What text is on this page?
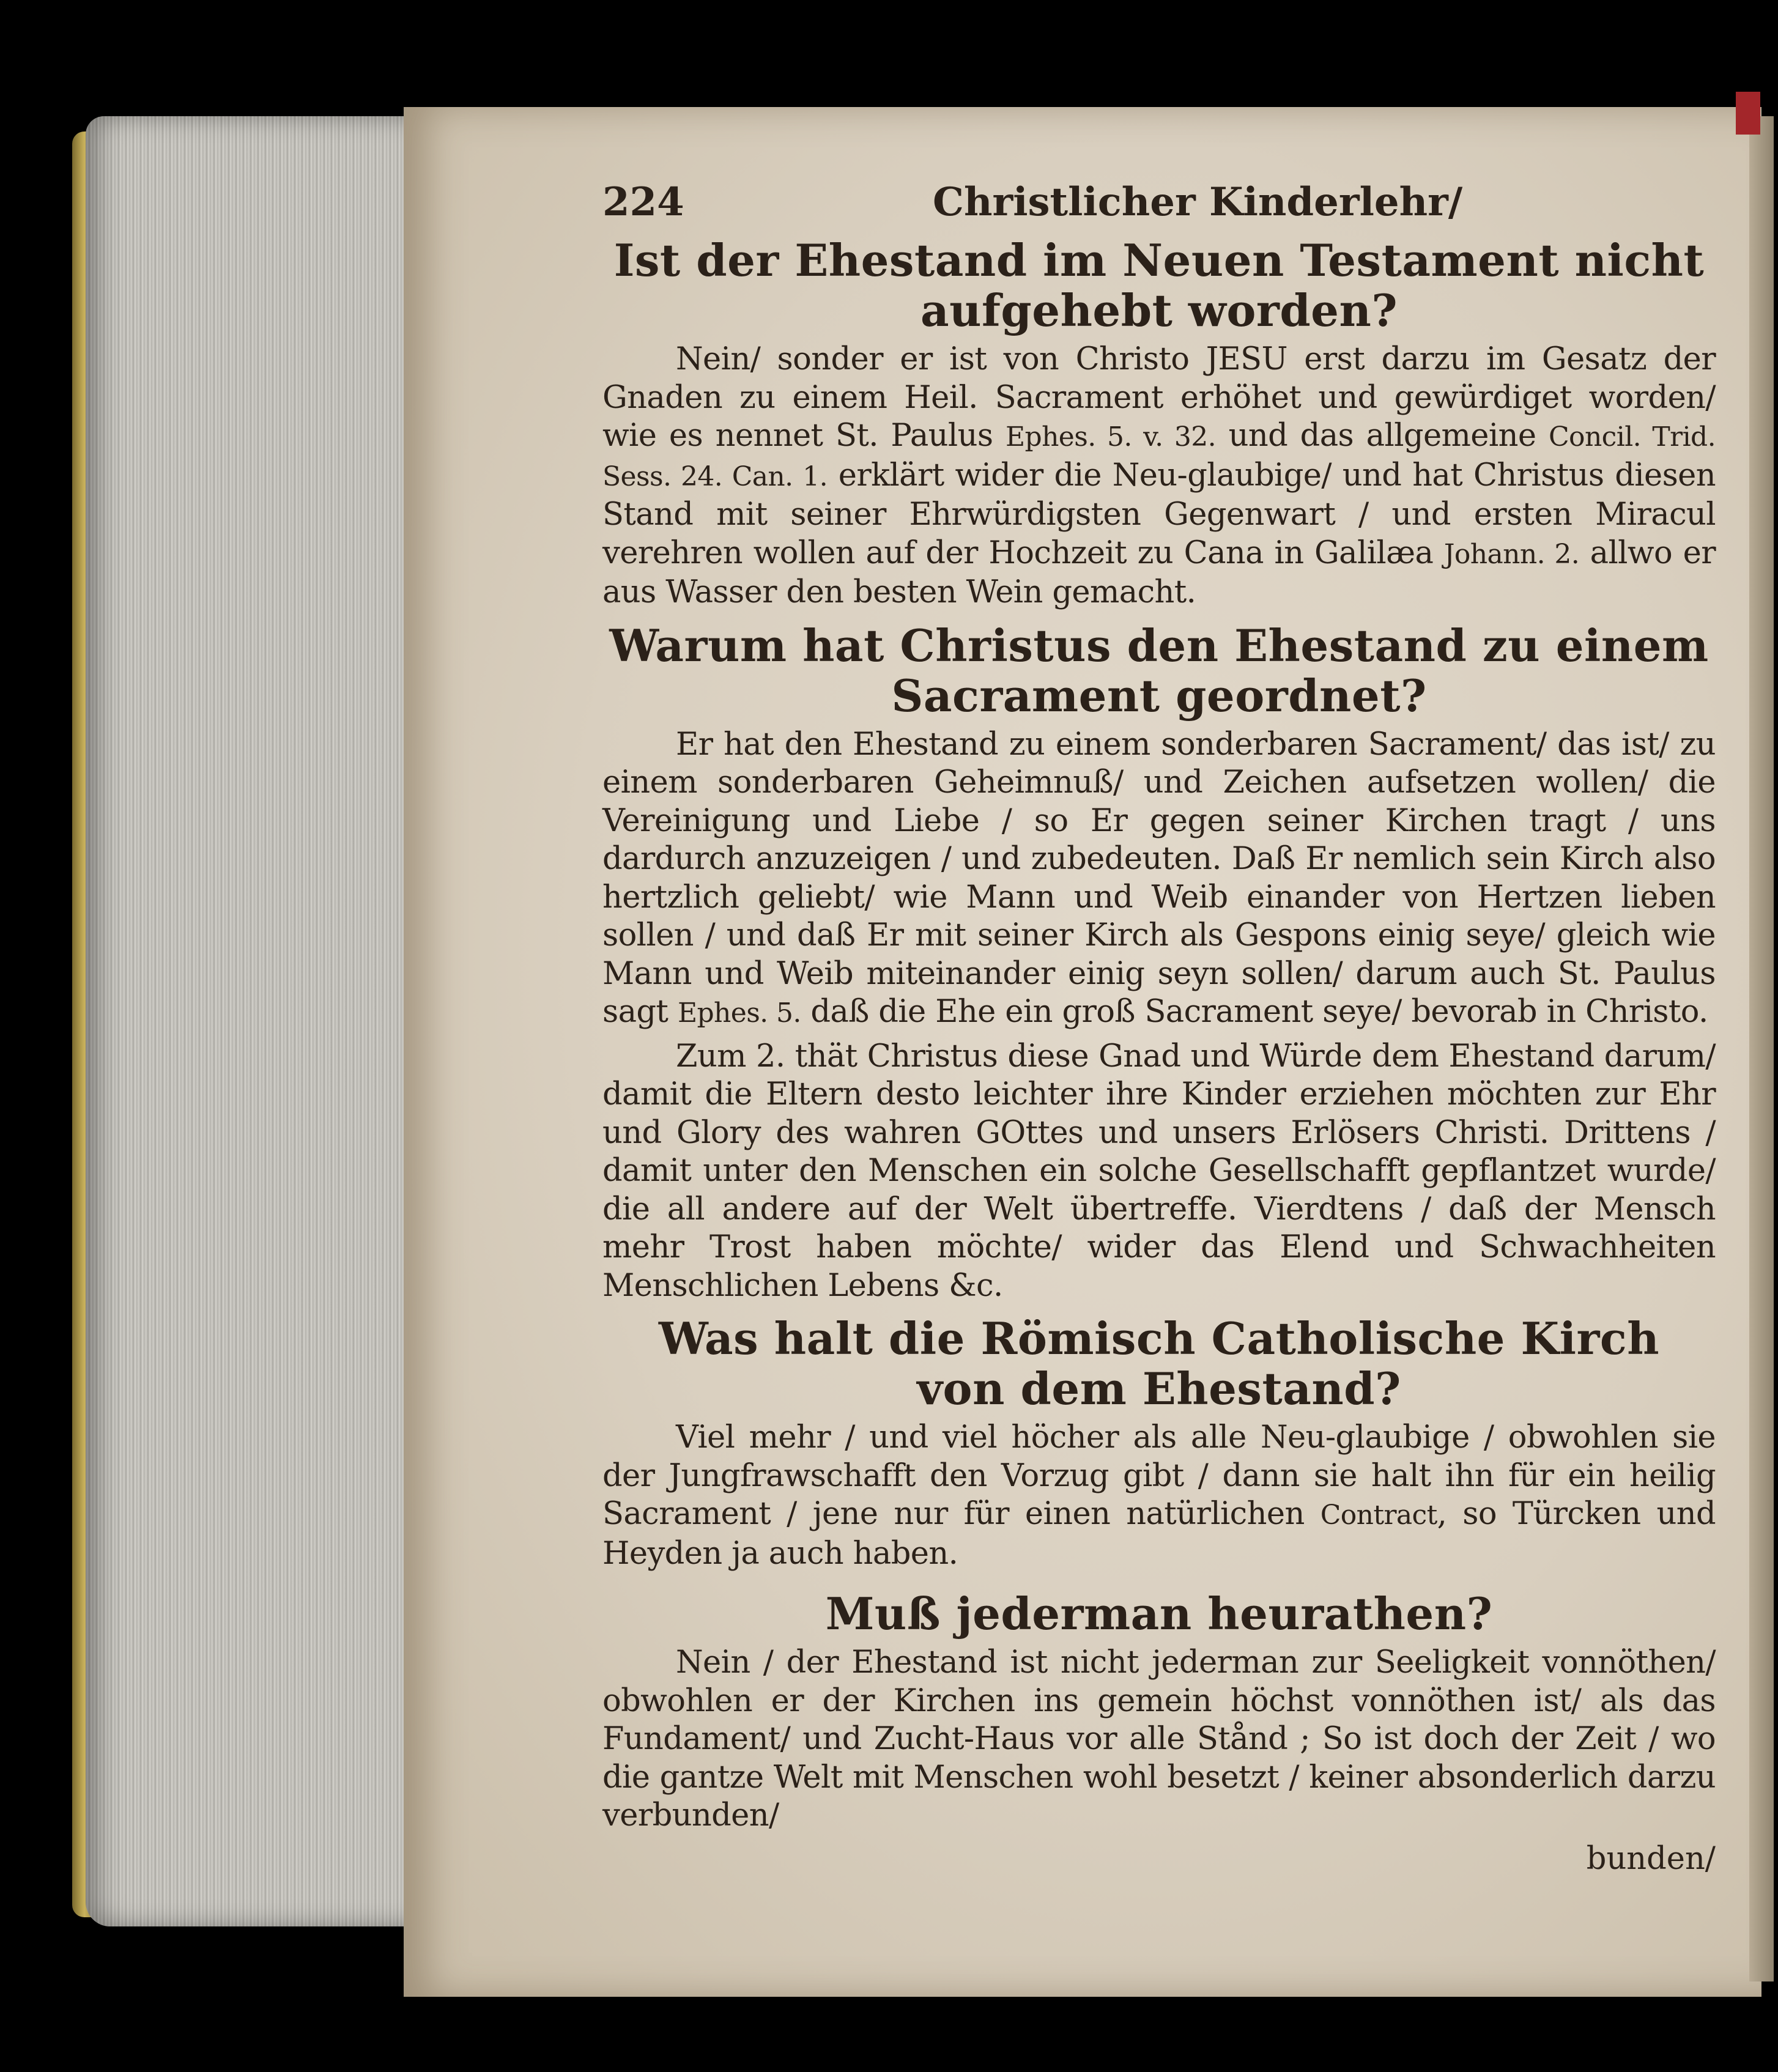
224	Christlicher Kinderlehr/
Ist der Ehestand im Neuen Testament nicht aufgehebt worden?
Nein/ sonder er ist von Christo JESU erst darzu im Gesatz der Gnaden zu einem Heil. Sacrament erhöhet und gewürdiget worden/ wie es nennet St. Paulus Ephes. 5. v. 32. und das allgemeine Concil. Trid. Sess. 24. Can. 1. erklärt wider die Neu-glaubige/ und hat Christus diesen Stand mit seiner Ehrwürdigsten Gegenwart / und ersten Miracul verehren wollen auf der Hochzeit zu Cana in Galilæa Johann. 2. allwo er aus Wasser den besten Wein gemacht.
Warum hat Christus den Ehestand zu einem Sacrament geordnet?
Er hat den Ehestand zu einem sonderbaren Sacrament/ das ist/ zu einem sonderbaren Geheimnuß/ und Zeichen aufsetzen wollen/ die Vereinigung und Liebe / so Er gegen seiner Kirchen tragt / uns dardurch anzuzeigen / und zubedeuten. Daß Er nemlich sein Kirch also hertzlich geliebt/ wie Mann und Weib einander von Hertzen lieben sollen / und daß Er mit seiner Kirch als Gespons einig seye/ gleich wie Mann und Weib miteinander einig seyn sollen/ darum auch St. Paulus sagt Ephes. 5. daß die Ehe ein groß Sacrament seye/ bevorab in Christo.
Zum 2. thät Christus diese Gnad und Würde dem Ehestand darum/ damit die Eltern desto leichter ihre Kinder erziehen möchten zur Ehr und Glory des wahren GOttes und unsers Erlösers Christi. Drittens / damit unter den Menschen ein solche Gesellschafft gepflantzet wurde/ die all andere auf der Welt übertreffe. Vierdtens / daß der Mensch mehr Trost haben möchte/ wider das Elend und Schwachheiten Menschlichen Lebens &c.
Was halt die Römisch Catholische Kirch von dem Ehestand?
Viel mehr / und viel höcher als alle Neu-glaubige / obwohlen sie der Jungfrawschafft den Vorzug gibt / dann sie halt ihn für ein heilig Sacrament / jene nur für einen natürlichen Contract, so Türcken und Heyden ja auch haben.
Muß jederman heurathen?
Nein / der Ehestand ist nicht jederman zur Seeligkeit vonnöthen/ obwohlen er der Kirchen ins gemein höchst vonnöthen ist/ als das Fundament/ und Zucht-Haus vor alle Stånd ; So ist doch der Zeit / wo die gantze Welt mit Menschen wohl besetzt / keiner absonderlich darzu verbunden/
bunden/
